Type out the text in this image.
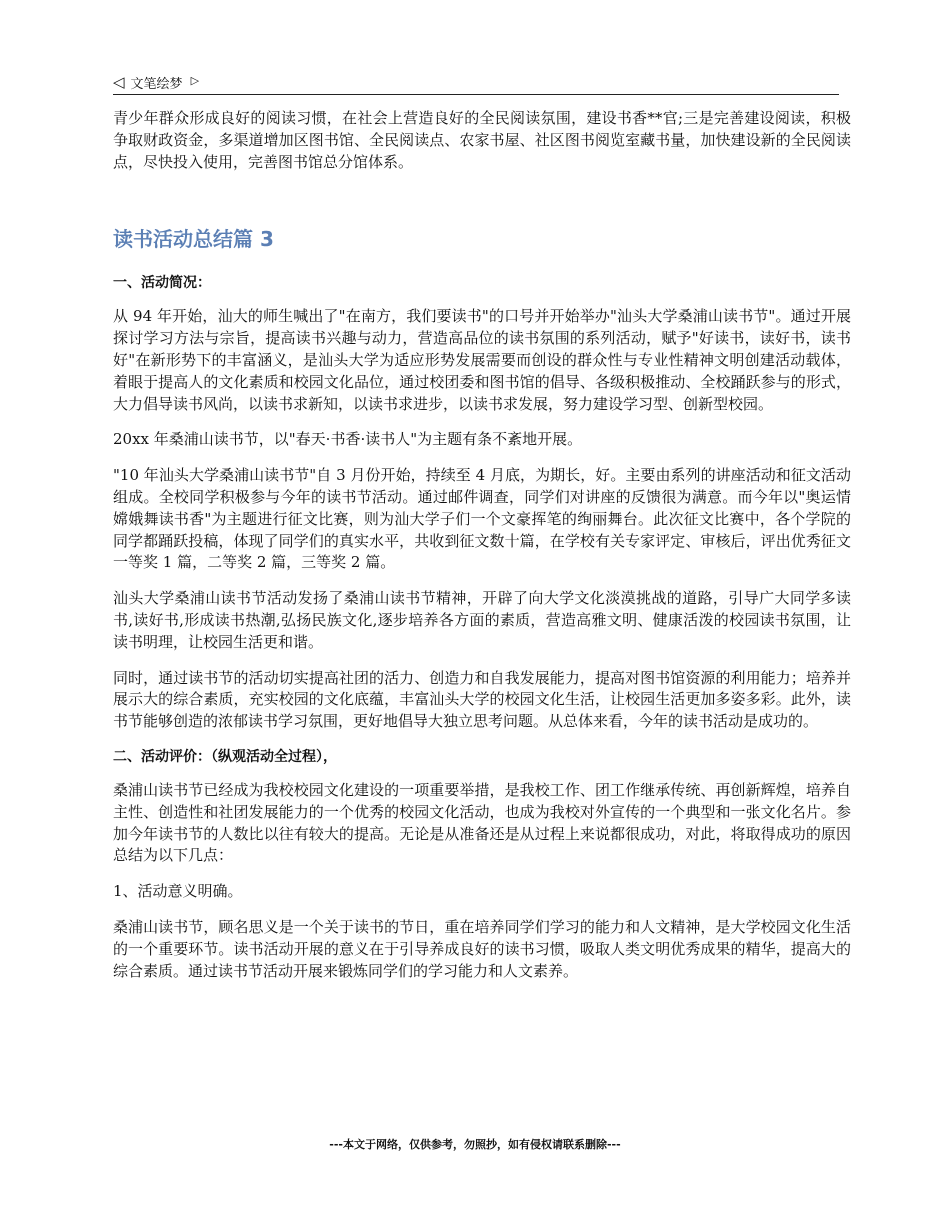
◁ 文笔绘梦 ▷

青少年群众形成良好的阅读习惯，在社会上营造良好的全民阅读氛围，建设书香**官;三是完善建设阅读，积极争取财政资金，多渠道增加区图书馆、全民阅读点、农家书屋、社区图书阅览室藏书量，加快建设新的全民阅读点，尽快投入使用，完善图书馆总分馆体系。

读书活动总结篇 3
一、活动简况：

从 94 年开始，汕大的师生喊出了"在南方，我们要读书"的口号并开始举办"汕头大学桑浦山读书节"。通过开展探讨学习方法与宗旨，提高读书兴趣与动力，营造高品位的读书氛围的系列活动，赋予"好读书，读好书，读书好"在新形势下的丰富涵义，是汕头大学为适应形势发展需要而创设的群众性与专业性精神文明创建活动载体，着眼于提高人的文化素质和校园文化品位，通过校团委和图书馆的倡导、各级积极推动、全校踊跃参与的形式，大力倡导读书风尚，以读书求新知，以读书求进步，以读书求发展，努力建设学习型、创新型校园。

20xx 年桑浦山读书节，以"春天·书香·读书人"为主题有条不紊地开展。

"10 年汕头大学桑浦山读书节"自 3 月份开始，持续至 4 月底，为期长，好。主要由系列的讲座活动和征文活动组成。全校同学积极参与今年的读书节活动。通过邮件调查，同学们对讲座的反馈很为满意。而今年以"奥运情嫦娥舞读书香"为主题进行征文比赛，则为汕大学子们一个文豪挥笔的绚丽舞台。此次征文比赛中，各个学院的同学都踊跃投稿，体现了同学们的真实水平，共收到征文数十篇，在学校有关专家评定、审核后，评出优秀征文一等奖 1 篇，二等奖 2 篇，三等奖 2 篇。

汕头大学桑浦山读书节活动发扬了桑浦山读书节精神，开辟了向大学文化淡漠挑战的道路，引导广大同学多读书,读好书,形成读书热潮,弘扬民族文化,逐步培养各方面的素质，营造高雅文明、健康活泼的校园读书氛围，让读书明理，让校园生活更和谐。

同时，通过读书节的活动切实提高社团的活力、创造力和自我发展能力，提高对图书馆资源的利用能力；培养并展示大的综合素质，充实校园的文化底蕴，丰富汕头大学的校园文化生活，让校园生活更加多姿多彩。此外，读书节能够创造的浓郁读书学习氛围，更好地倡导大独立思考问题。从总体来看，今年的读书活动是成功的。

二、活动评价：（纵观活动全过程），

桑浦山读书节已经成为我校校园文化建设的一项重要举措，是我校工作、团工作继承传统、再创新辉煌，培养自主性、创造性和社团发展能力的一个优秀的校园文化活动，也成为我校对外宣传的一个典型和一张文化名片。参加今年读书节的人数比以往有较大的提高。无论是从准备还是从过程上来说都很成功，对此，将取得成功的原因总结为以下几点：

1、活动意义明确。

桑浦山读书节，顾名思义是一个关于读书的节日，重在培养同学们学习的能力和人文精神，是大学校园文化生活的一个重要环节。读书活动开展的意义在于引导养成良好的读书习惯，吸取人类文明优秀成果的精华，提高大的综合素质。通过读书节活动开展来锻炼同学们的学习能力和人文素养。

---本文于网络，仅供参考，勿照抄，如有侵权请联系删除---
